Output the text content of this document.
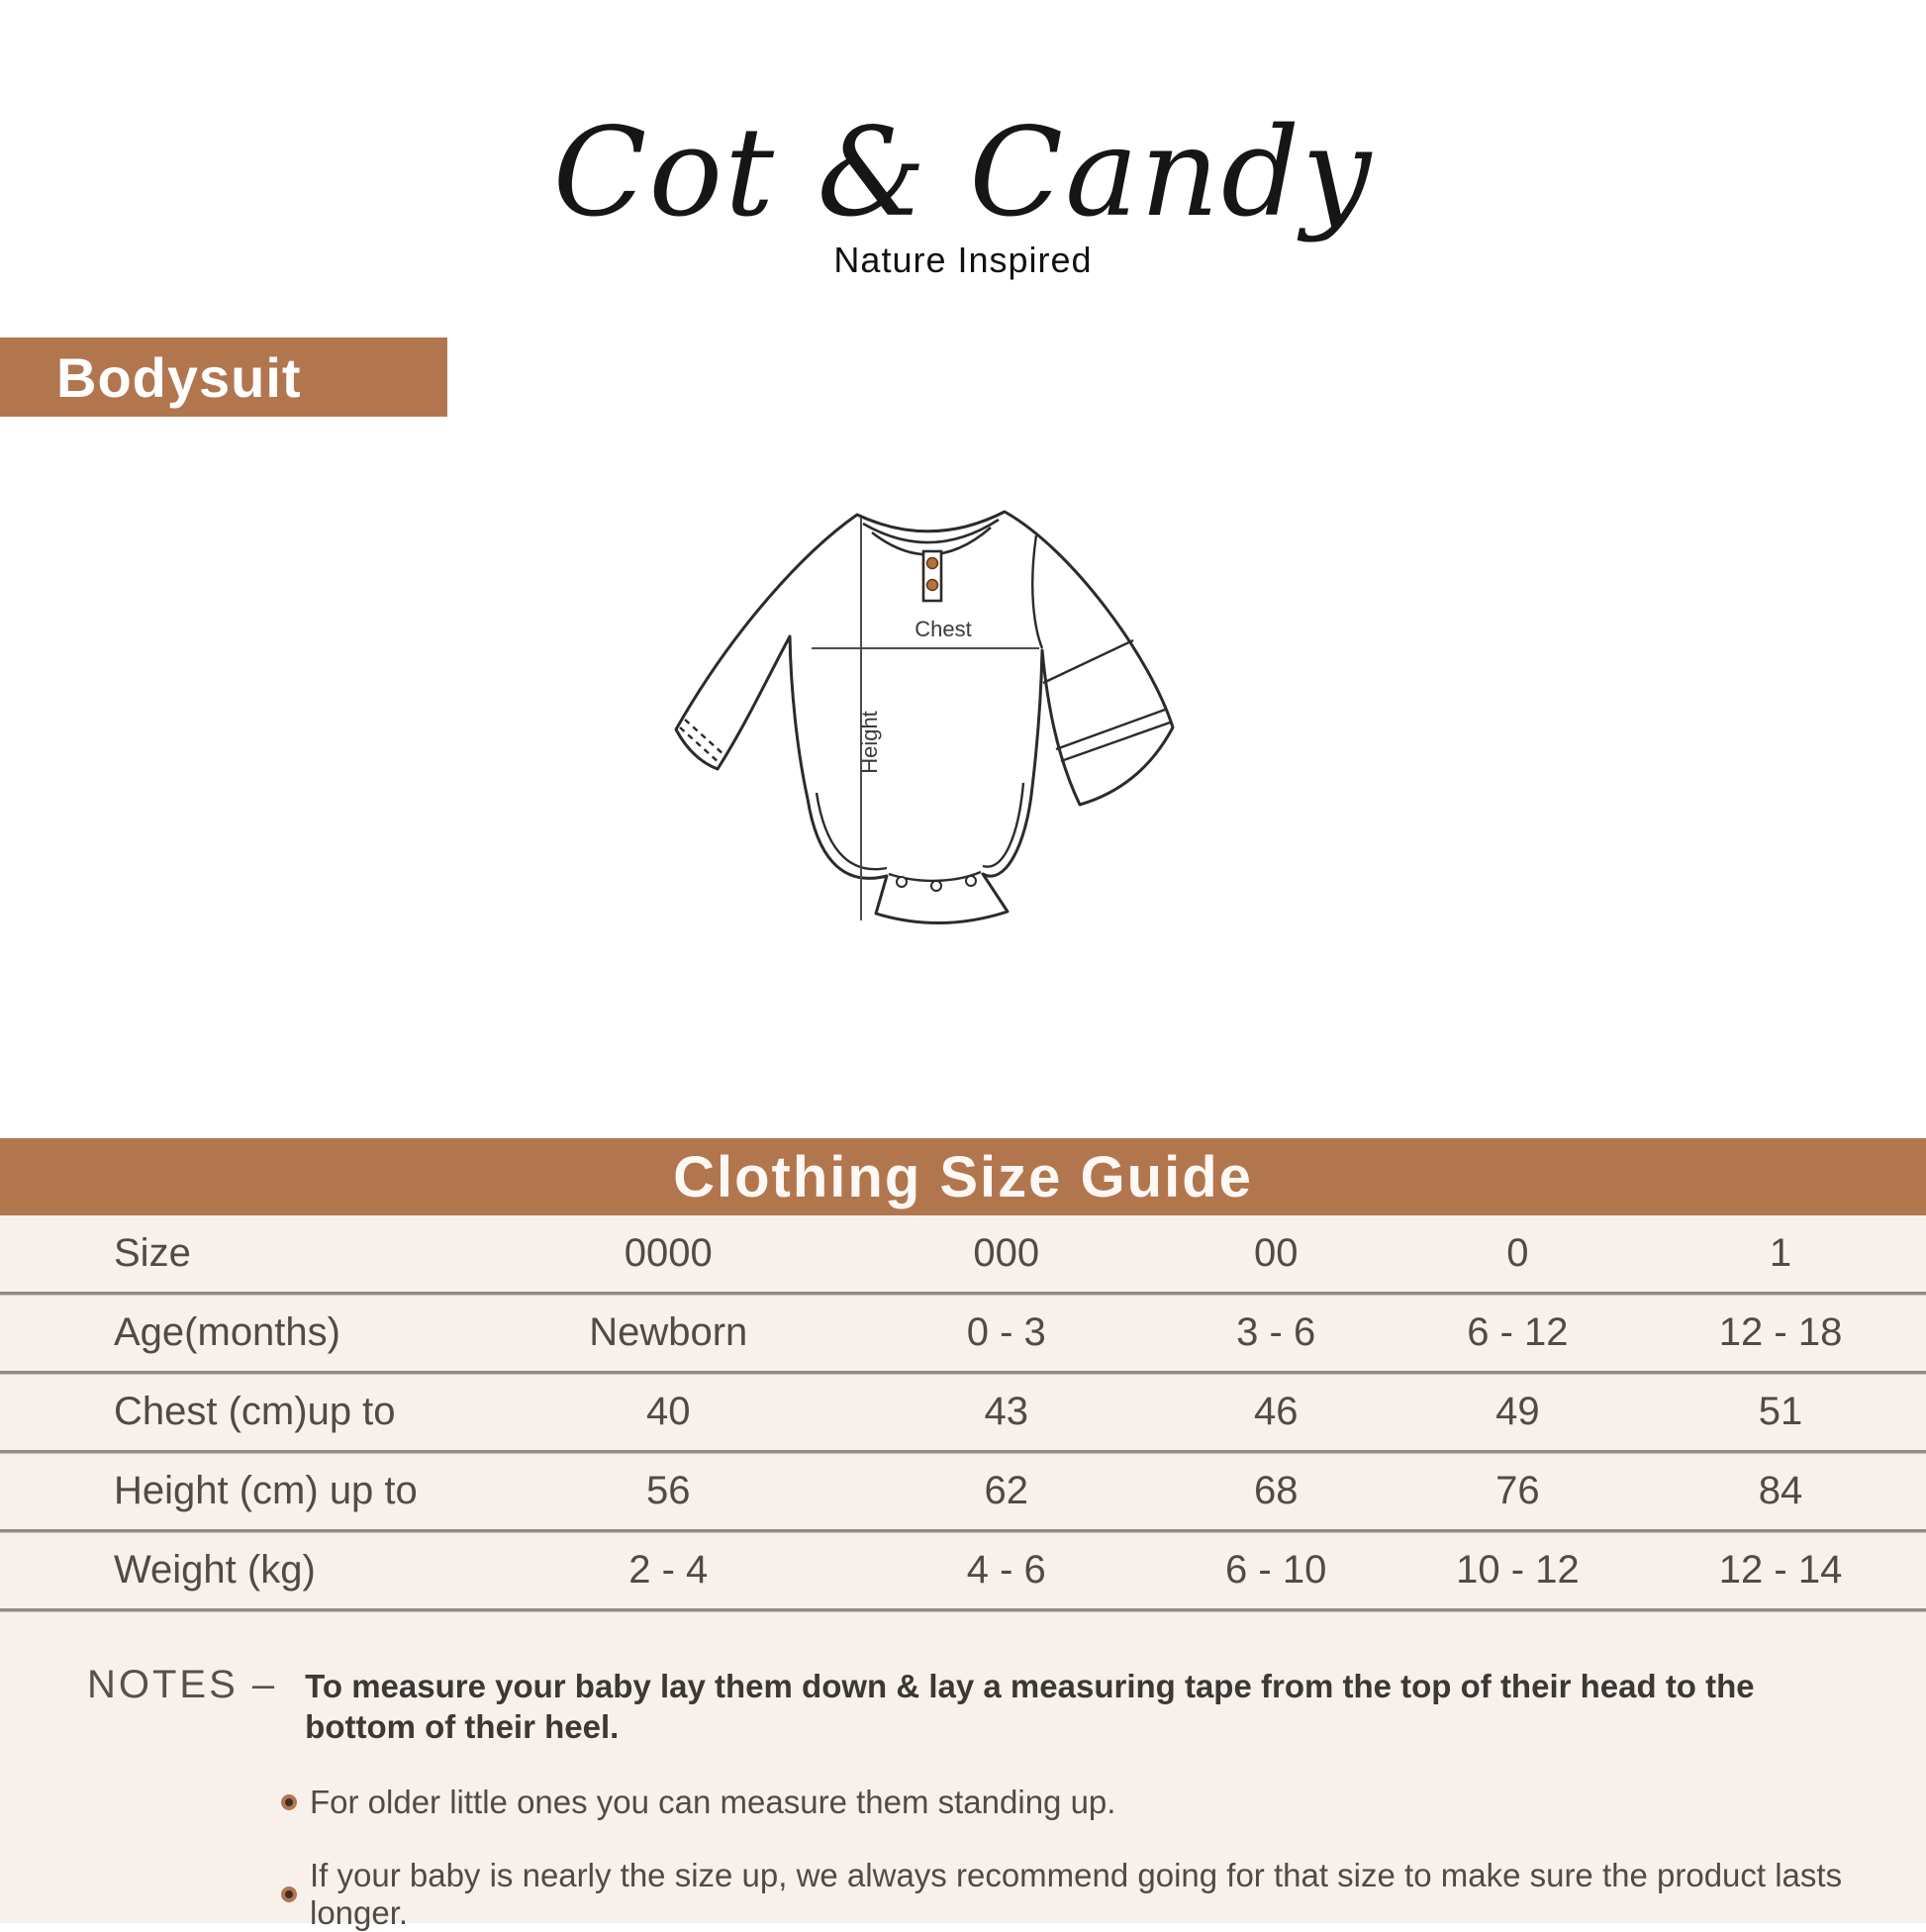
Cot & Candy
Nature Inspired
Bodysuit
Chest
Height
Clothing Size Guide
Size	0000	000	00	0	1
Age(months)	Newborn	0 - 3	3 - 6	6 - 12	12 - 18
Chest (cm)up to	40	43	46	49	51
Height (cm) up to	56	62	68	76	84
Weight (kg)	2 - 4	4 - 6	6 - 10	10 - 12	12 - 14
NOTES – To measure your baby lay them down & lay a measuring tape from the top of their head to the bottom of their heel.
For older little ones you can measure them standing up.
If your baby is nearly the size up, we always recommend going for that size to make sure the product lasts longer.
